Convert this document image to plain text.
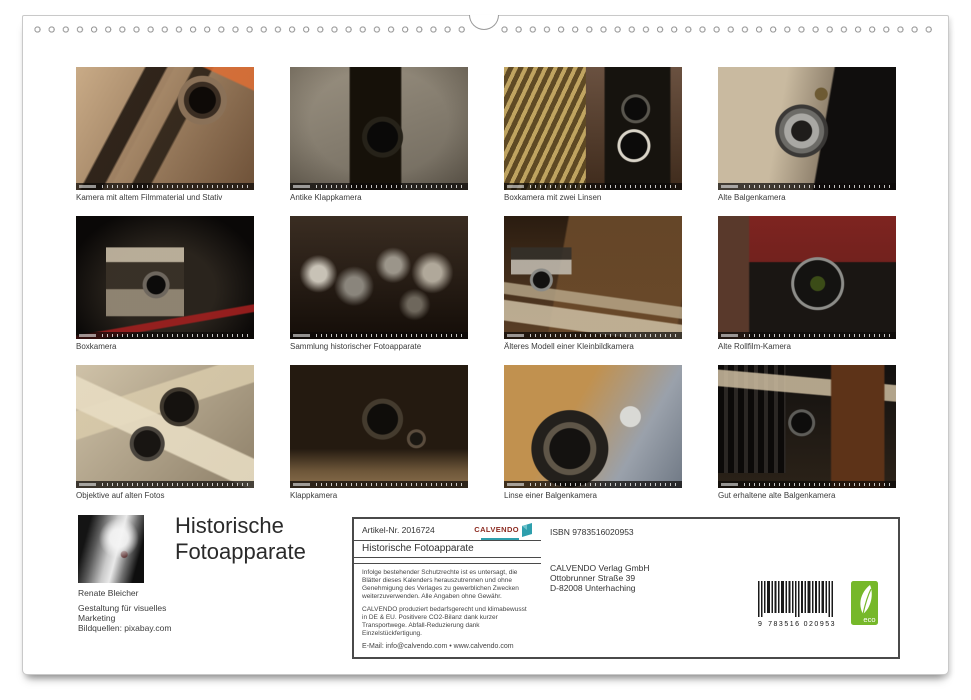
Kamera mit altem Filmmaterial und Stativ	Antike Klappkamera	Boxkamera mit zwei Linsen	Alte Balgenkamera
Boxkamera	Sammlung historischer Fotoapparate	Älteres Modell einer Kleinbildkamera	Alte Rollfilm-Kamera
Objektive auf alten Fotos	Klappkamera	Linse einer Balgenkamera	Gut erhaltene alte Balgenkamera
Renate Bleicher
Gestaltung für visuelles Marketing
Bildquellen: pixabay.com
Historische Fotoapparate
Artikel-Nr. 2016724	CALVENDO
Historische Fotoapparate

Infolge bestehender Schutzrechte ist es untersagt, die Blätter dieses Kalenders herauszutrennen und ohne Genehmigung des Verlages zu gewerblichen Zwecken weiterzuverwenden. Alle Angaben ohne Gewähr.

CALVENDO produziert bedarfsgerecht und klimabewusst in DE & EU. Positivere CO2-Bilanz dank kurzer Transportwege. Abfall-Reduzierung dank Einzelstückfertigung.

E-Mail: info@calvendo.com • www.calvendo.com
ISBN 9783516020953
CALVENDO Verlag GmbH
Ottobrunner Straße 39
D-82008 Unterhaching
9 783516 020953
eco
